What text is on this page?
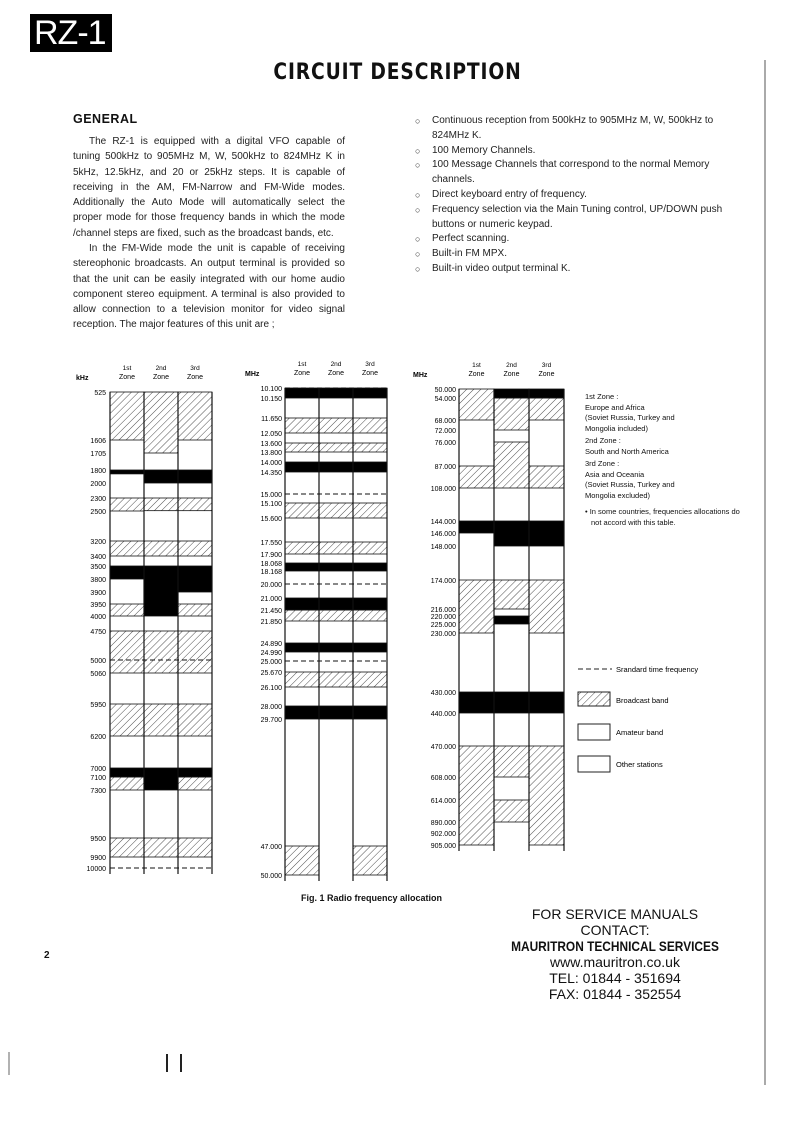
RZ-1
CIRCUIT DESCRIPTION
GENERAL
The RZ-1 is equipped with a digital VFO capable of tuning 500kHz to 905MHz M, W, 500kHz to 824MHz K in 5kHz, 12.5kHz, and 20 or 25kHz steps. It is capable of receiving in the AM, FM-Narrow and FM-Wide modes. Additionally the Auto Mode will automatically select the proper mode for those frequency bands in which the mode /channel steps are fixed, such as the broadcast bands, etc.
In the FM-Wide mode the unit is capable of receiving stereophonic broadcasts. An output terminal is provided so that the unit can be easily integrated with our home audio component stereo equipment. A terminal is also provided to allow connection to a television monitor for video signal reception. The major features of this unit are ;
○ Continuous reception from 500kHz to 905MHz M, W, 500kHz to 824MHz K.
○ 100 Memory Channels.
○ 100 Message Channels that correspond to the normal Memory channels.
○ Direct keyboard entry of frequency.
○ Frequency selection via the Main Tuning control, UP/DOWN push buttons or numeric keypad.
○ Perfect scanning.
○ Built-in FM MPX.
○ Built-in video output terminal K.
kHz
1st
Zone
2nd
Zone
3rd
Zone
525
1606
1705
1800
2000
2300
2500
3200
3400
3500
3800
3900
3950
4000
4750
5000
5060
5950
6200
7000
7100
7300
9500
9900
10000
MHz
1st
Zone
2nd
Zone
3rd
Zone
10.100
10.150
11.650
12.050
13.600
13.800
14.000
14.350
15.000
15.100
15.600
17.550
17.900
18.068
18.168
20.000
21.000
21.450
21.850
24.890
24.990
25.000
25.670
26.100
28.000
29.700
47.000
50.000
MHz
1st
Zone
2nd
Zone
3rd
Zone
50.000
54.000
68.000
72.000
76.000
87.000
108.000
144.000
146.000
148.000
174.000
216.000
220.000
225.000
230.000
430.000
440.000
470.000
608.000
614.000
890.000
902.000
905.000
Srandard time frequency
Broadcast band
Amateur band
Other stations

1st Zone :
Europe and Africa
(Soviet Russia, Turkey and
Mongolia included)

2nd Zone :
South and North America

3rd Zone :
Asia and Oceania
(Soviet Russia, Turkey and
Mongolia excluded)

• In some countries, frequencies allocations do not accord with this table.

Fig. 1 Radio frequency allocation
FOR SERVICE MANUALS
CONTACT:
MAURITRON TECHNICAL SERVICES
www.mauritron.co.uk
TEL: 01844 - 351694
FAX: 01844 - 352554
2
